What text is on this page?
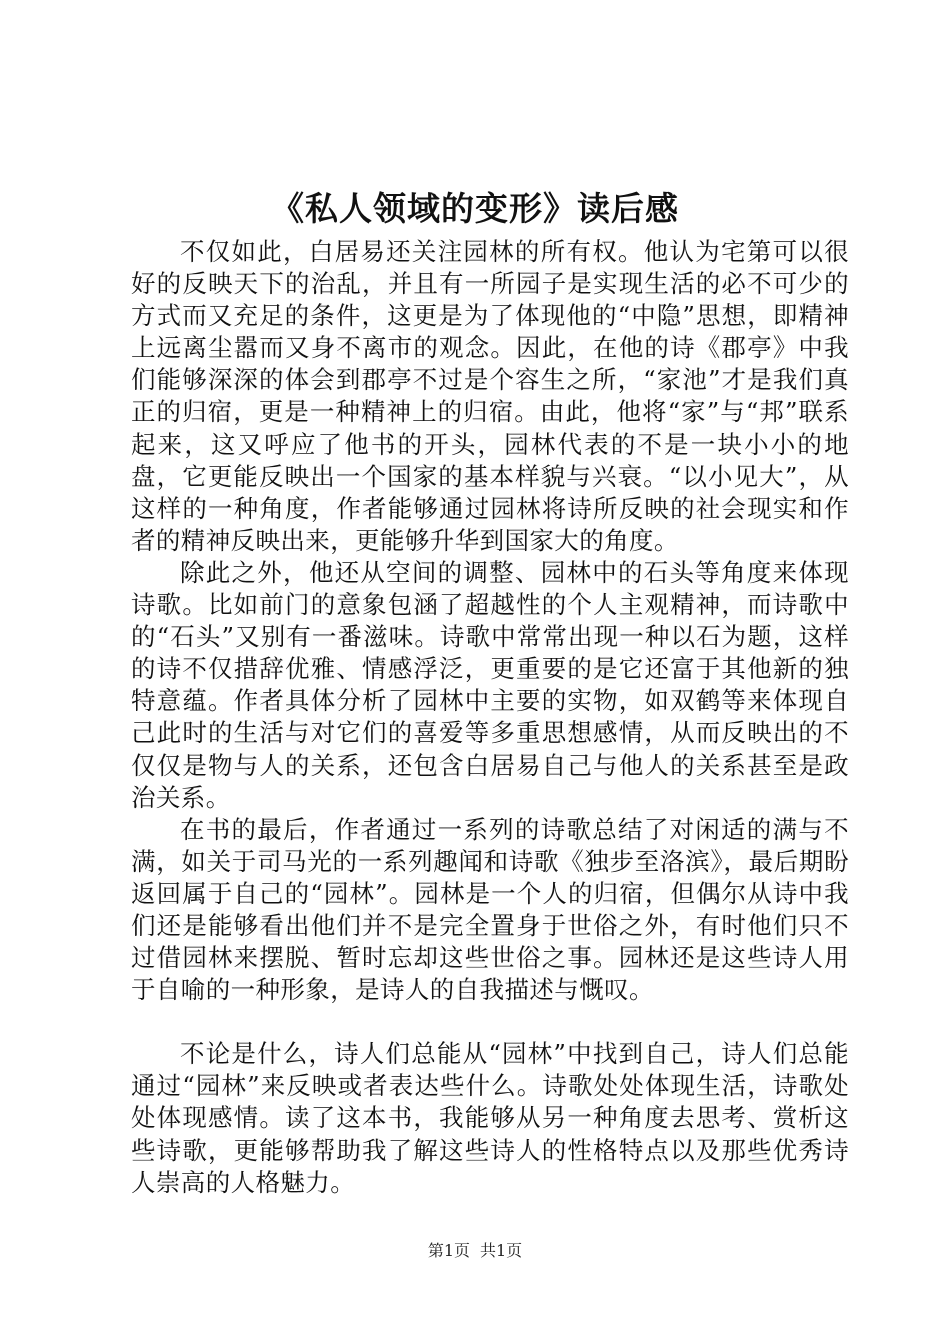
《私人领域的变形》读后感

不仅如此，白居易还关注园林的所有权。他认为宅第可以很好的反映天下的治乱，并且有一所园子是实现生活的必不可少的方式而又充足的条件，这更是为了体现他的“中隐”思想，即精神上远离尘嚣而又身不离市的观念。因此，在他的诗《郡亭》中我们能够深深的体会到郡亭不过是个容生之所，“家池”才是我们真正的归宿，更是一种精神上的归宿。由此，他将“家”与“邦”联系起来，这又呼应了他书的开头，园林代表的不是一块小小的地盘，它更能反映出一个国家的基本样貌与兴衰。“以小见大”，从这样的一种角度，作者能够通过园林将诗所反映的社会现实和作者的精神反映出来，更能够升华到国家大的角度。

除此之外，他还从空间的调整、园林中的石头等角度来体现诗歌。比如前门的意象包涵了超越性的个人主观精神，而诗歌中的“石头”又别有一番滋味。诗歌中常常出现一种以石为题，这样的诗不仅措辞优雅、情感浮泛，更重要的是它还富于其他新的独特意蕴。作者具体分析了园林中主要的实物，如双鹤等来体现自己此时的生活与对它们的喜爱等多重思想感情，从而反映出的不仅仅是物与人的关系，还包含白居易自己与他人的关系甚至是政治关系。

在书的最后，作者通过一系列的诗歌总结了对闲适的满与不满，如关于司马光的一系列趣闻和诗歌《独步至洛滨》，最后期盼返回属于自己的“园林”。园林是一个人的归宿，但偶尔从诗中我们还是能够看出他们并不是完全置身于世俗之外，有时他们只不过借园林来摆脱、暂时忘却这些世俗之事。园林还是这些诗人用于自喻的一种形象，是诗人的自我描述与慨叹。

不论是什么，诗人们总能从“园林”中找到自己，诗人们总能通过“园林”来反映或者表达些什么。诗歌处处体现生活，诗歌处处体现感情。读了这本书，我能够从另一种角度去思考、赏析这些诗歌，更能够帮助我了解这些诗人的性格特点以及那些优秀诗人崇高的人格魅力。

第1页 共1页
